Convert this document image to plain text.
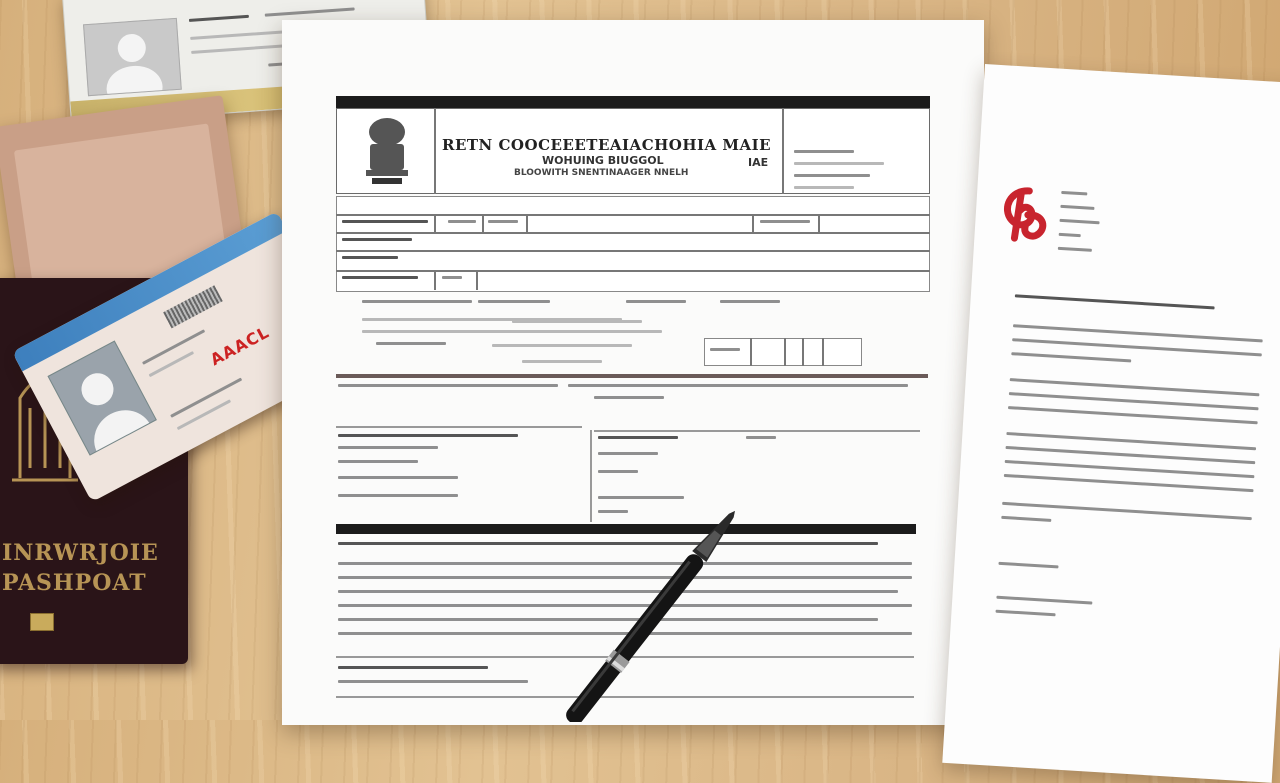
INRWRJOIE
PASHPOAT
AAACL
RETN COOCEEETEAIACHOHIA MAIE
WOHUING BIUGGOL
BLOOWITH SNENTINAAGER NNELH
IAE
